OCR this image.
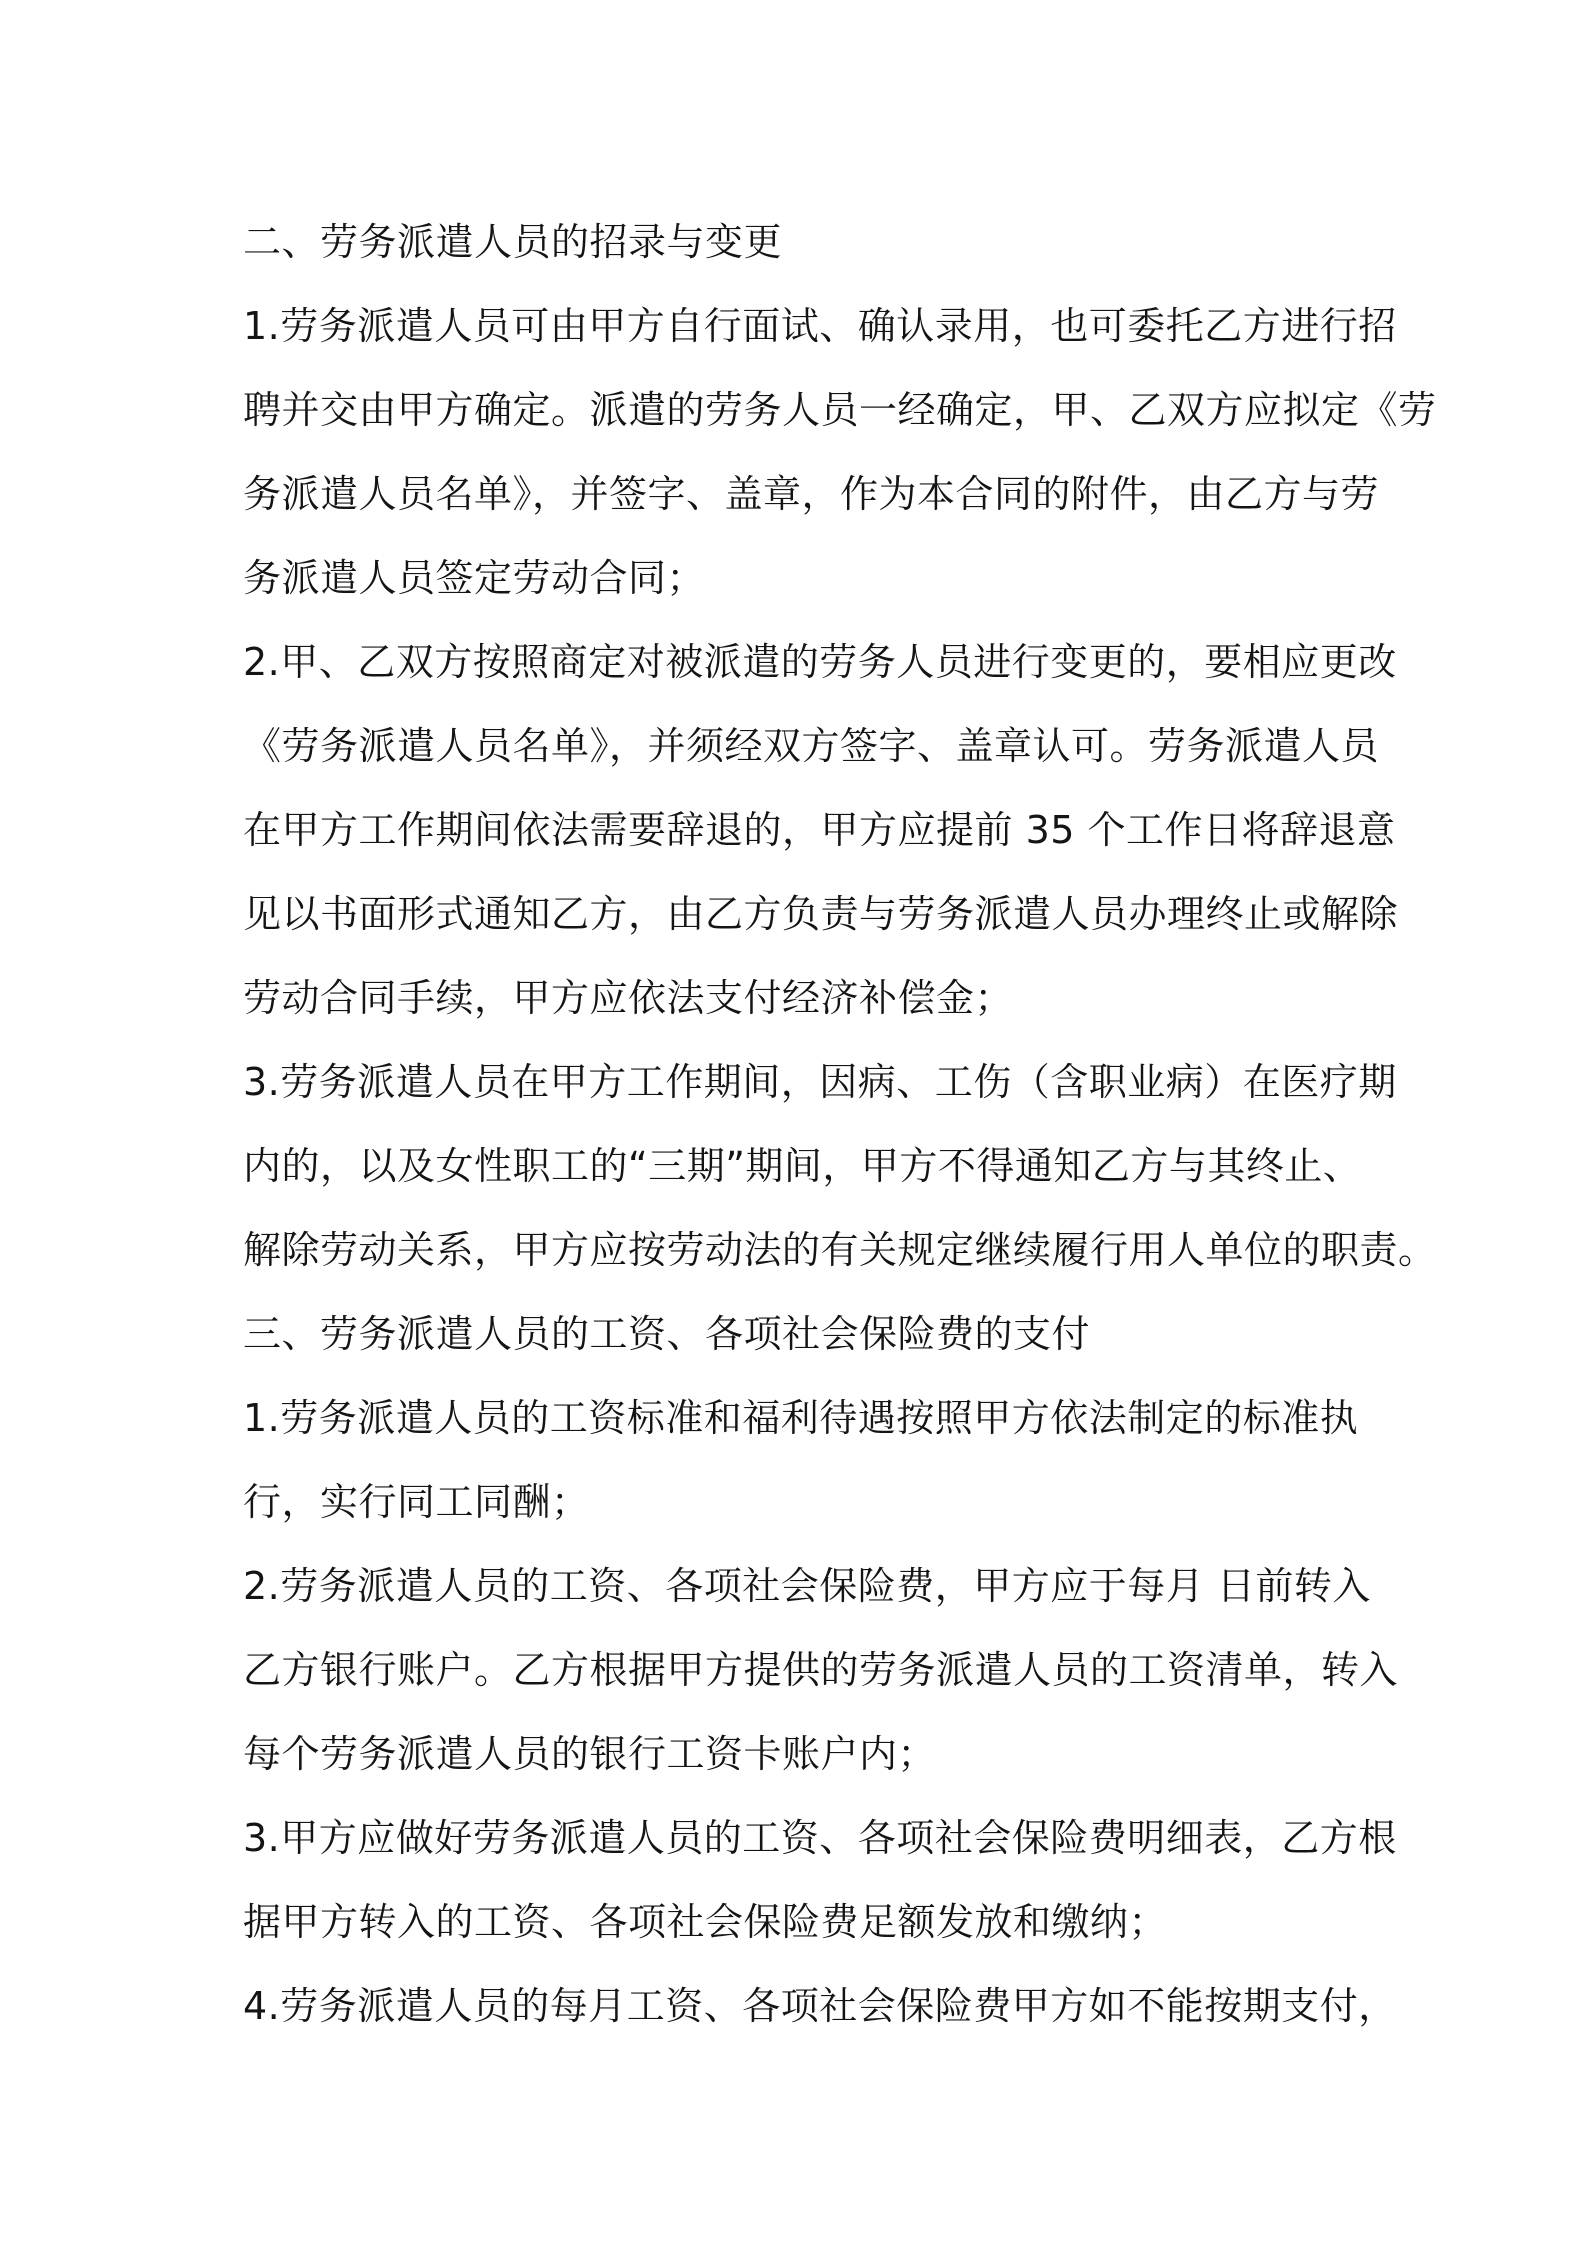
二、劳务派遣人员的招录与变更
1.劳务派遣人员可由甲方自行面试、确认录用，也可委托乙方进行招
聘并交由甲方确定。派遣的劳务人员一经确定，甲、乙双方应拟定《劳
务派遣人员名单》，并签字、盖章，作为本合同的附件，由乙方与劳
务派遣人员签定劳动合同；
2.甲、乙双方按照商定对被派遣的劳务人员进行变更的，要相应更改
《劳务派遣人员名单》，并须经双方签字、盖章认可。劳务派遣人员
在甲方工作期间依法需要辞退的，甲方应提前 35 个工作日将辞退意
见以书面形式通知乙方，由乙方负责与劳务派遣人员办理终止或解除
劳动合同手续，甲方应依法支付经济补偿金；
3.劳务派遣人员在甲方工作期间，因病、工伤（含职业病）在医疗期
内的，以及女性职工的“三期”期间，甲方不得通知乙方与其终止、
解除劳动关系，甲方应按劳动法的有关规定继续履行用人单位的职责。
三、劳务派遣人员的工资、各项社会保险费的支付
1.劳务派遣人员的工资标准和福利待遇按照甲方依法制定的标准执
行，实行同工同酬；
2.劳务派遣人员的工资、各项社会保险费，甲方应于每月 日前转入
乙方银行账户。乙方根据甲方提供的劳务派遣人员的工资清单，转入
每个劳务派遣人员的银行工资卡账户内；
3.甲方应做好劳务派遣人员的工资、各项社会保险费明细表，乙方根
据甲方转入的工资、各项社会保险费足额发放和缴纳；
4.劳务派遣人员的每月工资、各项社会保险费甲方如不能按期支付，
